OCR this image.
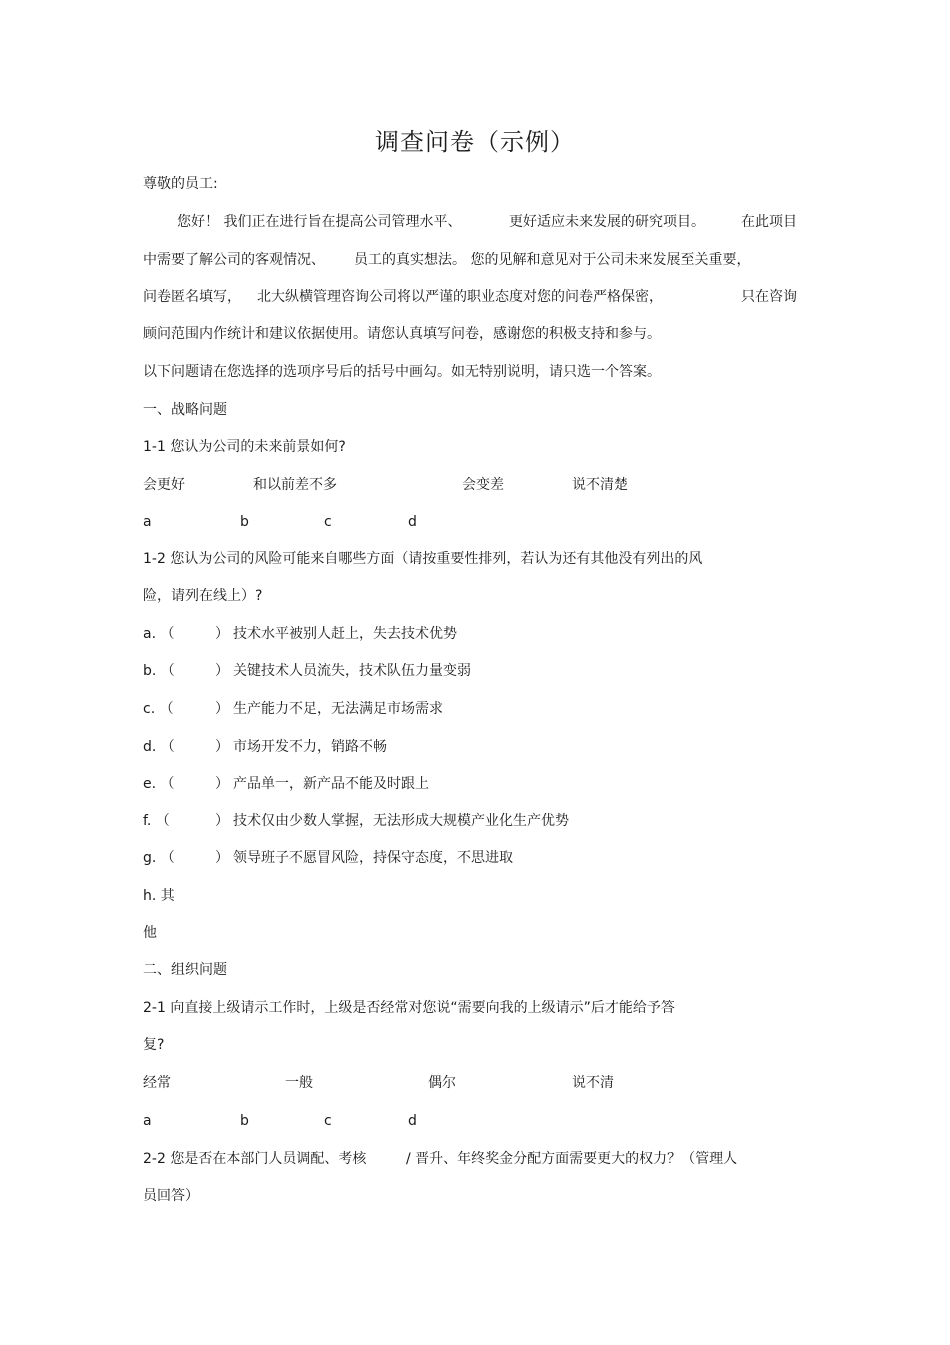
调查问卷（示例）
尊敬的员工:
您好！ 我们正在进行旨在提高公司管理水平、	更好适应未来发展的研究项目。	在此项目
中需要了解公司的客观情况、 员工的真实想法。 您的见解和意见对于公司未来发展至关重要，
问卷匿名填写， 北大纵横管理咨询公司将以严谨的职业态度对您的问卷严格保密，	只在咨询
顾问范围内作统计和建议依据使用。请您认真填写问卷，感谢您的积极支持和参与。
以下问题请在您选择的选项序号后的括号中画勾。如无特别说明，请只选一个答案。
一、战略问题
1-1 您认为公司的未来前景如何?
会更好	和以前差不多	会变差	说不清楚
a	b	c	d
1-2 您认为公司的风险可能来自哪些方面（请按重要性排列，若认为还有其他没有列出的风
险，请列在线上）?
a. （	） 技术水平被别人赶上，失去技术优势
b. （	） 关键技术人员流失，技术队伍力量变弱
c. （	） 生产能力不足，无法满足市场需求
d. （	） 市场开发不力，销路不畅
e. （	） 产品单一，新产品不能及时跟上
f. （	） 技术仅由少数人掌握，无法形成大规模产业化生产优势
g. （	） 领导班子不愿冒风险，持保守态度，不思进取
h. 其
他
二、组织问题
2-1 向直接上级请示工作时，上级是否经常对您说“需要向我的上级请示”后才能给予答
复?
经常	一般	偶尔	说不清
a	b	c	d
2-2 您是否在本部门人员调配、考核	/ 晋升、年终奖金分配方面需要更大的权力？（管理人
员回答）
